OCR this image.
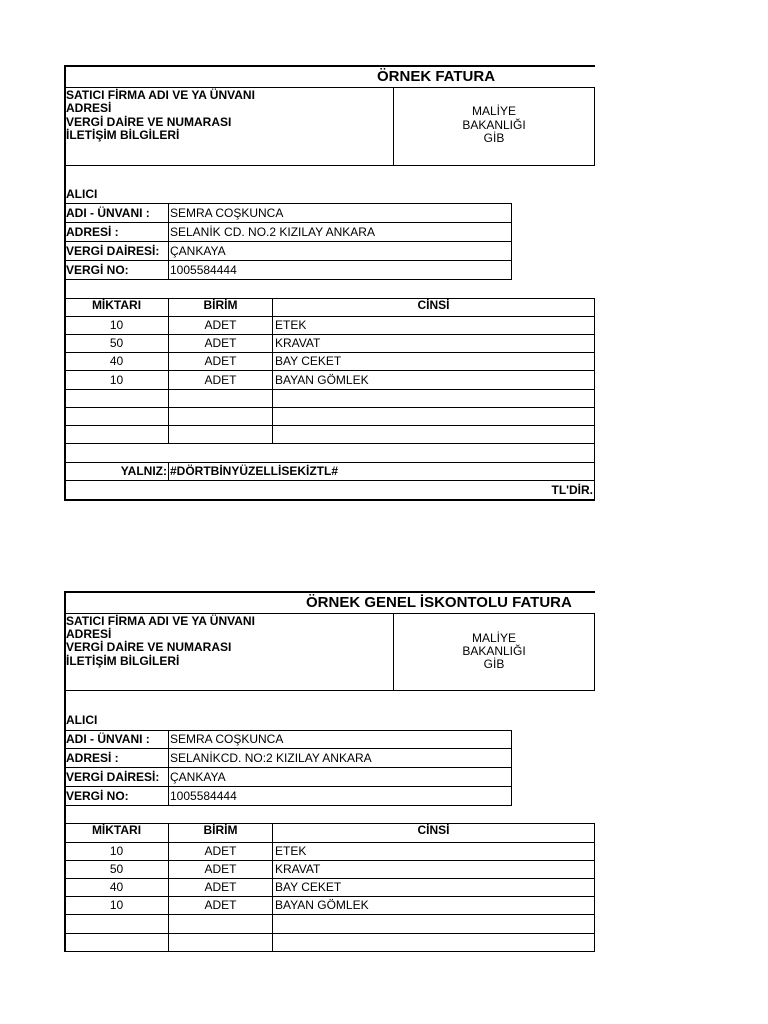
ÖRNEK FATURA
SATICI FİRMA ADI VE YA ÜNVANI
ADRESİ
VERGİ DAİRE VE NUMARASI
İLETİŞİM BİLGİLERİ
MALİYE
BAKANLIĞI
GİB
ALICI
ADI - ÜNVANI : SEMRA COŞKUNCA
ADRESİ :	SELANİK CD. NO.2 KIZILAY ANKARA
VERGİ DAİRESİ: ÇANKAYA
VERGİ NO:	1005584444
MİKTARI	BİRİM	CİNSİ
10	ADET	ETEK
50	ADET	KRAVAT
40	ADET	BAY CEKET
10	ADET	BAYAN GÖMLEK
YALNIZ: #DÖRTBİNYÜZELLİSEKİZTL#
TL'DİR.
ÖRNEK GENEL İSKONTOLU FATURA
SATICI FİRMA ADI VE YA ÜNVANI
ADRESİ
VERGİ DAİRE VE NUMARASI
İLETİŞİM BİLGİLERİ
MALİYE
BAKANLIĞI
GİB
ALICI
ADI - ÜNVANI : SEMRA COŞKUNCA
ADRESİ :	SELANİKCD. NO:2 KIZILAY ANKARA
VERGİ DAİRESİ: ÇANKAYA
VERGİ NO:	1005584444
MİKTARI	BİRİM	CİNSİ
10	ADET	ETEK
50	ADET	KRAVAT
40	ADET	BAY CEKET
10	ADET	BAYAN GÖMLEK
